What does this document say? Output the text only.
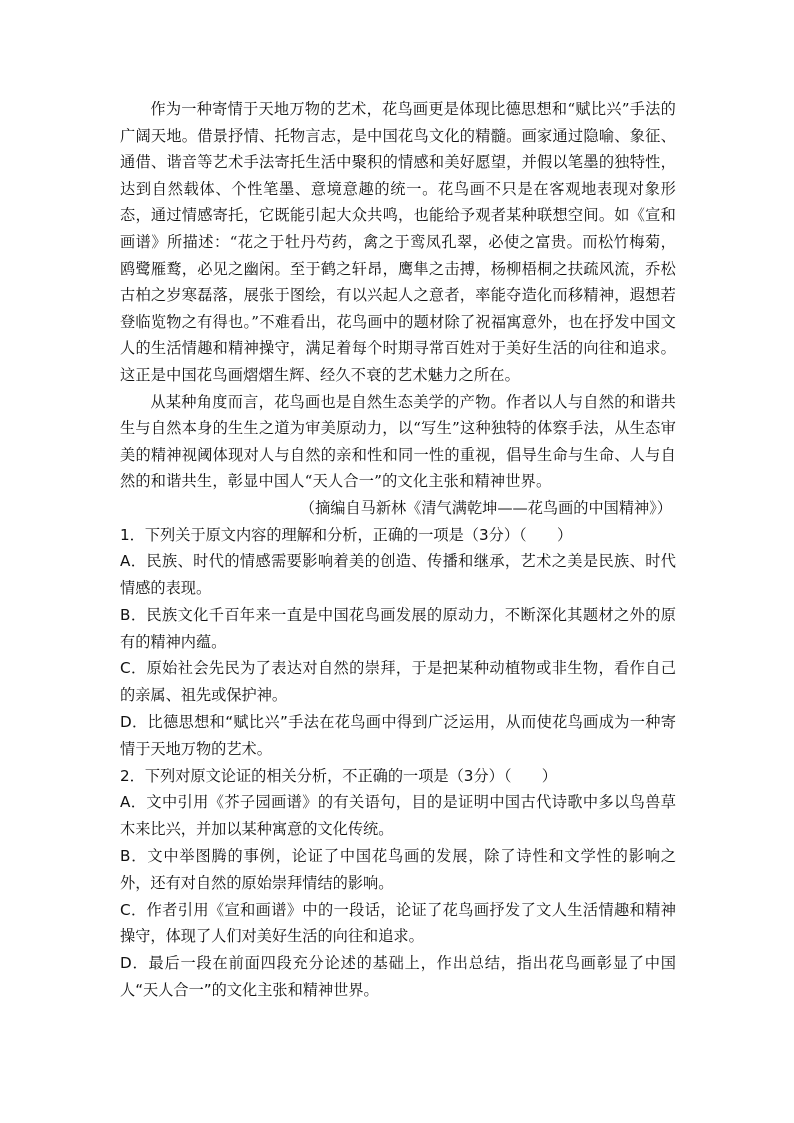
作为一种寄情于天地万物的艺术，花鸟画更是体现比德思想和“赋比兴”手法的广阔天地。借景抒情、托物言志，是中国花鸟文化的精髓。画家通过隐喻、象征、通借、谐音等艺术手法寄托生活中聚积的情感和美好愿望，并假以笔墨的独特性，达到自然载体、个性笔墨、意境意趣的统一。花鸟画不只是在客观地表现对象形态，通过情感寄托，它既能引起大众共鸣，也能给予观者某种联想空间。如《宣和画谱》所描述：“花之于牡丹芍药，禽之于鸾凤孔翠，必使之富贵。而松竹梅菊，鸥鹭雁鹜，必见之幽闲。至于鹤之轩昂，鹰隼之击搏，杨柳梧桐之扶疏风流，乔松古柏之岁寒磊落，展张于图绘，有以兴起人之意者，率能夺造化而移精神，遐想若登临览物之有得也。”不难看出，花鸟画中的题材除了祝福寓意外，也在抒发中国文人的生活情趣和精神操守，满足着每个时期寻常百姓对于美好生活的向往和追求。这正是中国花鸟画熠熠生辉、经久不衰的艺术魅力之所在。

从某种角度而言，花鸟画也是自然生态美学的产物。作者以人与自然的和谐共生与自然本身的生生之道为审美原动力，以“写生”这种独特的体察手法，从生态审美的精神视阈体现对人与自然的亲和性和同一性的重视，倡导生命与生命、人与自然的和谐共生，彰显中国人“天人合一”的文化主张和精神世界。

（摘编自马新林《清气满乾坤——花鸟画的中国精神》）
1．下列关于原文内容的理解和分析，正确的一项是（3分）（　　）
A．民族、时代的情感需要影响着美的创造、传播和继承，艺术之美是民族、时代情感的表现。
B．民族文化千百年来一直是中国花鸟画发展的原动力，不断深化其题材之外的原有的精神内蕴。
C．原始社会先民为了表达对自然的崇拜，于是把某种动植物或非生物，看作自己的亲属、祖先或保护神。
D．比德思想和“赋比兴”手法在花鸟画中得到广泛运用，从而使花鸟画成为一种寄情于天地万物的艺术。
2．下列对原文论证的相关分析，不正确的一项是（3分）（　　）
A．文中引用《芥子园画谱》的有关语句，目的是证明中国古代诗歌中多以鸟兽草木来比兴，并加以某种寓意的文化传统。
B．文中举图腾的事例，论证了中国花鸟画的发展，除了诗性和文学性的影响之外，还有对自然的原始崇拜情结的影响。
C．作者引用《宣和画谱》中的一段话，论证了花鸟画抒发了文人生活情趣和精神操守，体现了人们对美好生活的向往和追求。
D．最后一段在前面四段充分论述的基础上，作出总结，指出花鸟画彰显了中国人“天人合一”的文化主张和精神世界。
